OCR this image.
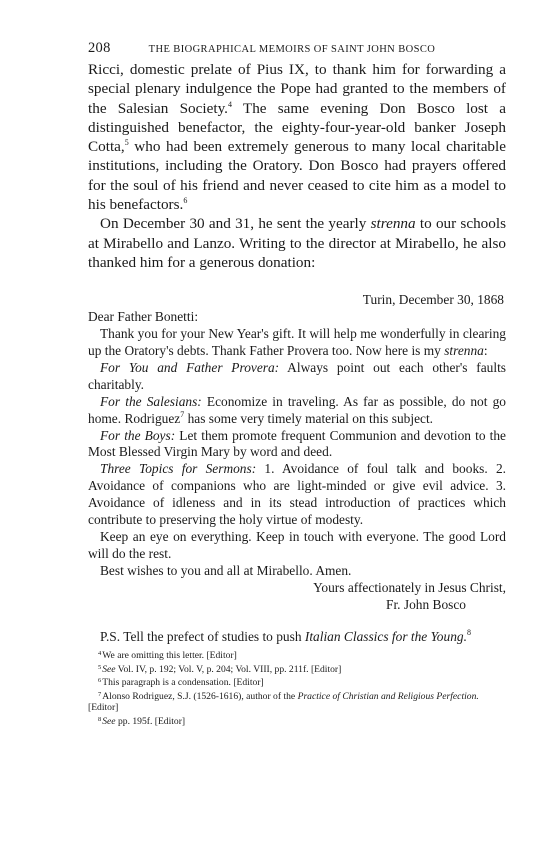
208	THE BIOGRAPHICAL MEMOIRS OF SAINT JOHN BOSCO

Ricci, domestic prelate of Pius IX, to thank him for forwarding a special plenary indulgence the Pope had granted to the members of the Salesian Society.$^4$ The same evening Don Bosco lost a distinguished benefactor, the eighty-four-year-old banker Joseph Cotta,$^5$ who had been extremely generous to many local charitable institutions, including the Oratory. Don Bosco had prayers offered for the soul of his friend and never ceased to cite him as a model to his benefactors.$^6$

On December 30 and 31, he sent the yearly strenna to our schools at Mirabello and Lanzo. Writing to the director at Mirabello, he also thanked him for a generous donation:

Turin, December 30, 1868

Dear Father Bonetti:

Thank you for your New Year's gift. It will help me wonderfully in clearing up the Oratory's debts. Thank Father Provera too. Now here is my strenna:

For You and Father Provera: Always point out each other's faults charitably.

For the Salesians: Economize in traveling. As far as possible, do not go home. Rodriguez$^7$ has some very timely material on this subject.

For the Boys: Let them promote frequent Communion and devotion to the Most Blessed Virgin Mary by word and deed.

Three Topics for Sermons: 1. Avoidance of foul talk and books. 2. Avoidance of companions who are light-minded or give evil advice. 3. Avoidance of idleness and in its stead introduction of practices which contribute to preserving the holy virtue of modesty.

Keep an eye on everything. Keep in touch with everyone. The good Lord will do the rest.

Best wishes to you and all at Mirabello. Amen.

Yours affectionately in Jesus Christ,

Fr. John Bosco

P.S. Tell the prefect of studies to push Italian Classics for the Young.$^8$

$^4$We are omitting this letter. [Editor]

$^5$See Vol. IV, p. 192; Vol. V, p. 204; Vol. VIII, pp. 211f. [Editor]

$^6$This paragraph is a condensation. [Editor]

$^7$Alonso Rodriguez, S.J. (1526-1616), author of the Practice of Christian and Religious Perfection. [Editor]

$^8$See pp. 195f. [Editor]
